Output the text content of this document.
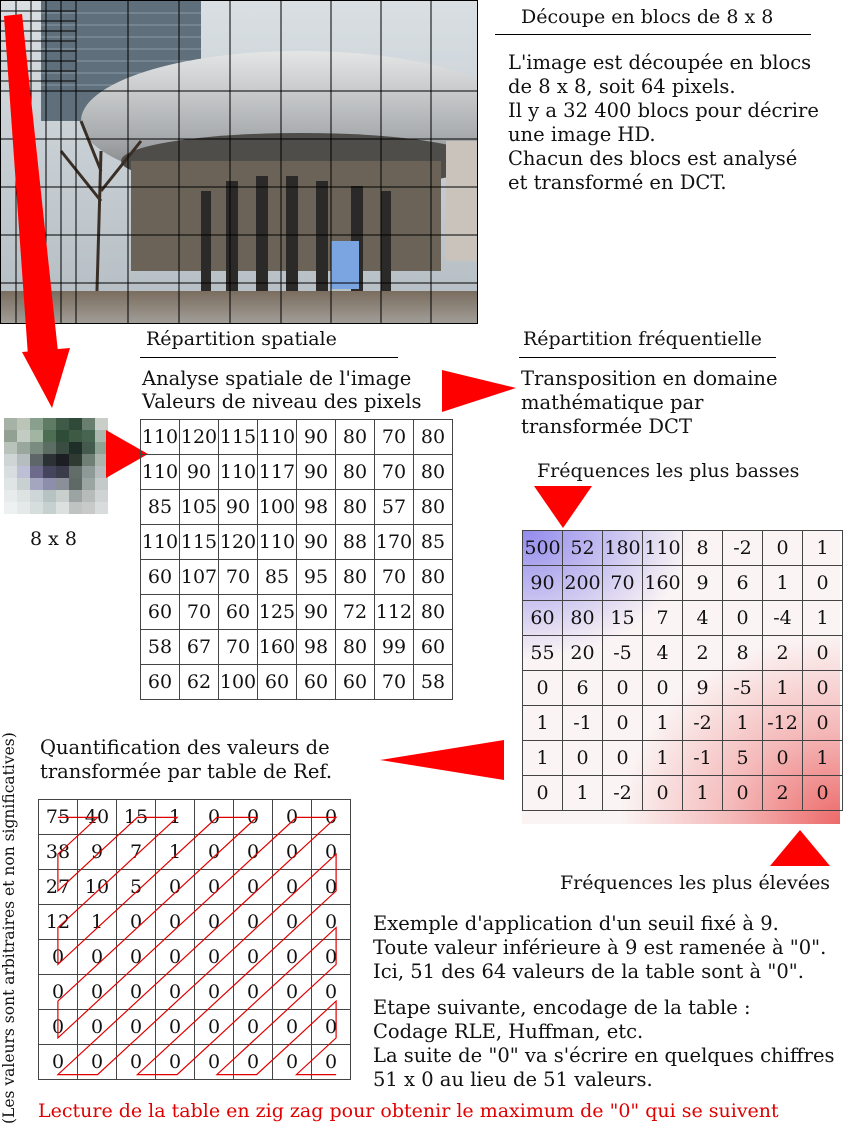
Découpe en blocs de 8 x 8
L'image est découpée en blocs
de 8 x 8, soit 64 pixels.
Il y a 32 400 blocs pour décrire
une image HD.
Chacun des blocs est analysé
et transformé en DCT.
8 x 8
Répartition spatiale
Analyse spatiale de l'image
Valeurs de niveau des pixels
110	120	115	110	90	80	70	80
110	90	110	117	90	80	70	80
85	105	90	100	98	80	57	80
110	115	120	110	90	88	170	85
60	107	70	85	95	80	70	80
60	70	60	125	90	72	112	80
58	67	70	160	98	80	99	60
60	62	100	60	60	60	70	58
Répartition fréquentielle
Transposition en domaine
mathématique par
transformée DCT
Fréquences les plus basses
500	52	180	110	8	-2	0	1
90	200	70	160	9	6	1	0
60	80	15	7	4	0	-4	1
55	20	-5	4	2	8	2	0
0	6	0	0	9	-5	1	0
1	-1	0	1	-2	1	-12	0
1	0	0	1	-1	5	0	1
0	1	-2	0	1	0	2	0
Fréquences les plus élevées
Quantification des valeurs de
transformée par table de Ref.
75	40	15	1	0	0	0	0
38	9	7	1	0	0	0	0
27	10	5	0	0	0	0	0
12	1	0	0	0	0	0	0
0	0	0	0	0	0	0	0
0	0	0	0	0	0	0	0
0	0	0	0	0	0	0	0
0	0	0	0	0	0	0	0
(Les valeurs sont arbitraires et non significatives)	Exemple d'application d'un seuil fixé à 9.
Toute valeur inférieure à 9 est ramenée à "0".
Ici, 51 des 64 valeurs de la table sont à "0".
Etape suivante, encodage de la table :
Codage RLE, Huffman, etc.
La suite de "0" va s'écrire en quelques chiffres
51 x 0 au lieu de 51 valeurs.
Lecture de la table en zig zag pour obtenir le maximum de "0" qui se suivent
